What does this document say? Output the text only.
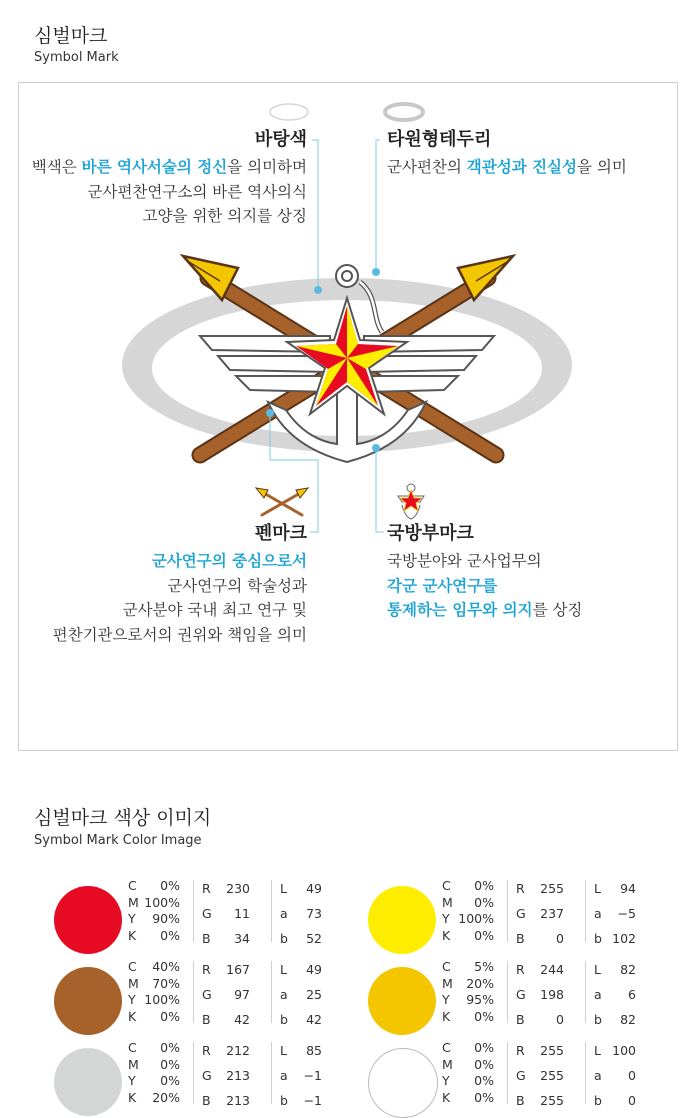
심벌마크
Symbol Mark
바탕색
백색은 바른 역사서술의 정신을 의미하며
군사편찬연구소의 바른 역사의식
고양을 위한 의지를 상징
타원형테두리
군사편찬의 객관성과 진실성을 의미
펜마크
군사연구의 중심으로서
군사연구의 학술성과
군사분야 국내 최고 연구 및
편찬기관으로서의 권위와 책임을 의미
국방부마크
국방분야와 군사업무의
각군 군사연구를
통제하는 임무와 의지를 상징
심벌마크 색상 이미지
Symbol Mark Color Image
C 0%
M 100%
Y 90%
K 0%
R 230
G 11
B 34
L 49
a 73
b 52
C 0%
M 0%
Y 100%
K 0%
R 255
G 237
B	0
L 94
a −5
b 102
C 40%
M 70%
Y 100%
K 0%
R 167
G 97
B 42
L 49
a 25
b 42
C 5%
M 20%
Y 95%
K 0%
R 244
G 198
B	0
L 82
a 6
b 82
C 0%
M 0%
Y 0%
K 20%
R 212
G 213
B 213
L 85
a −1
b −1
C 0%
M 0%
Y 0%
K 0%
R 255
G 255
B 255
L 100
a 0
b 0
